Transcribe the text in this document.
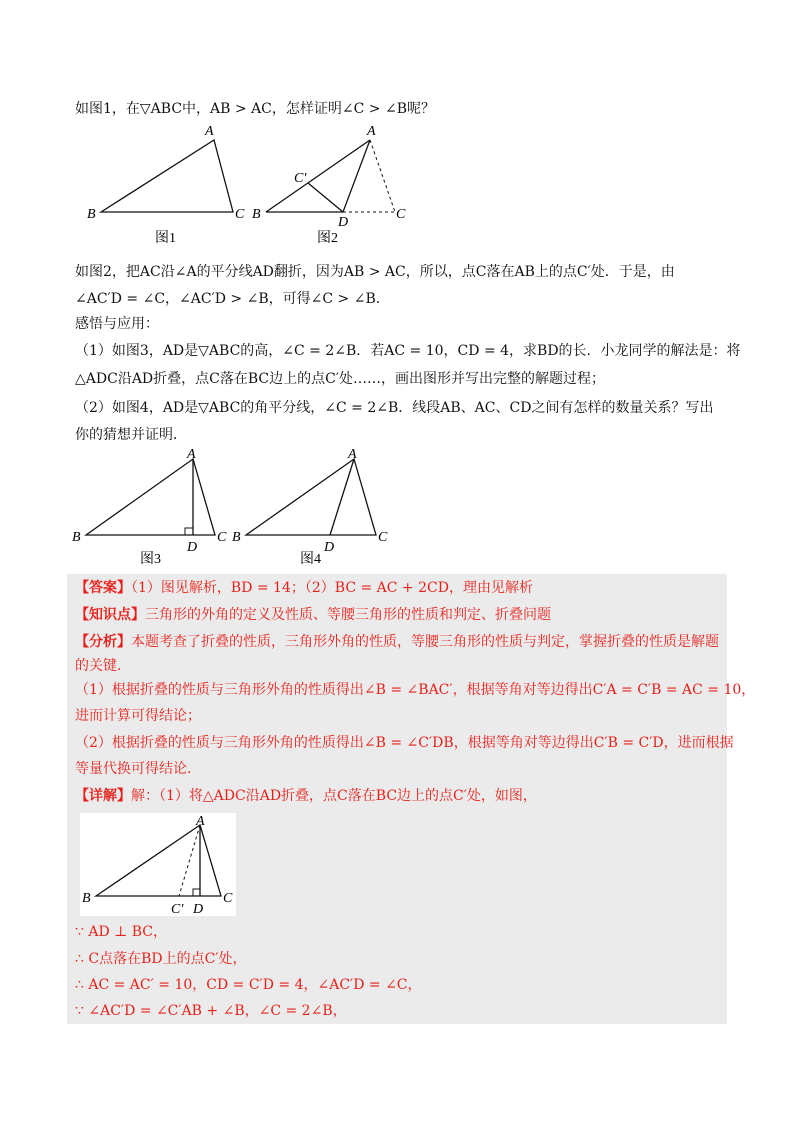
如图1，在▽ABC中，AB > AC，怎样证明∠C > ∠B呢？
A
B	C
图1
A
B	C
D
C′
图2
如图2，把AC沿∠A的平分线AD翻折，因为AB > AC，所以，点C落在AB上的点C′处．于是，由
∠AC′D = ∠C，∠AC′D > ∠B，可得∠C > ∠B．
感悟与应用：
（1）如图3，AD是▽ABC的高，∠C = 2∠B．若AC = 10，CD = 4，求BD的长．小龙同学的解法是：将
△ADC沿AD折叠，点C落在BC边上的点C′处……，画出图形并写出完整的解题过程；
（2）如图4，AD是▽ABC的角平分线，∠C = 2∠B．线段AB、AC、CD之间有怎样的数量关系？写出
你的猜想并证明．
A
B	C
D
图3
A
B	C
D
图4
【答案】（1）图见解析，BD = 14；（2）BC = AC + 2CD，理由见解析
【知识点】三角形的外角的定义及性质、等腰三角形的性质和判定、折叠问题
【分析】本题考查了折叠的性质，三角形外角的性质，等腰三角形的性质与判定，掌握折叠的性质是解题
的关键．
（1）根据折叠的性质与三角形外角的性质得出∠B = ∠BAC′，根据等角对等边得出C′A = C′B = AC = 10，
进而计算可得结论；
（2）根据折叠的性质与三角形外角的性质得出∠B = ∠C′DB，根据等角对等边得出C′B = C′D，进而根据
等量代换可得结论．
【详解】解：（1）将△ADC沿AD折叠，点C落在BC边上的点C′处，如图，
A
B	C
D
C′
∵ AD ⊥ BC，
∴ C点落在BD上的点C′处，
∴ AC = AC′ = 10，CD = C′D = 4，∠AC′D = ∠C，
∵ ∠AC′D = ∠C′AB + ∠B，∠C = 2∠B，
